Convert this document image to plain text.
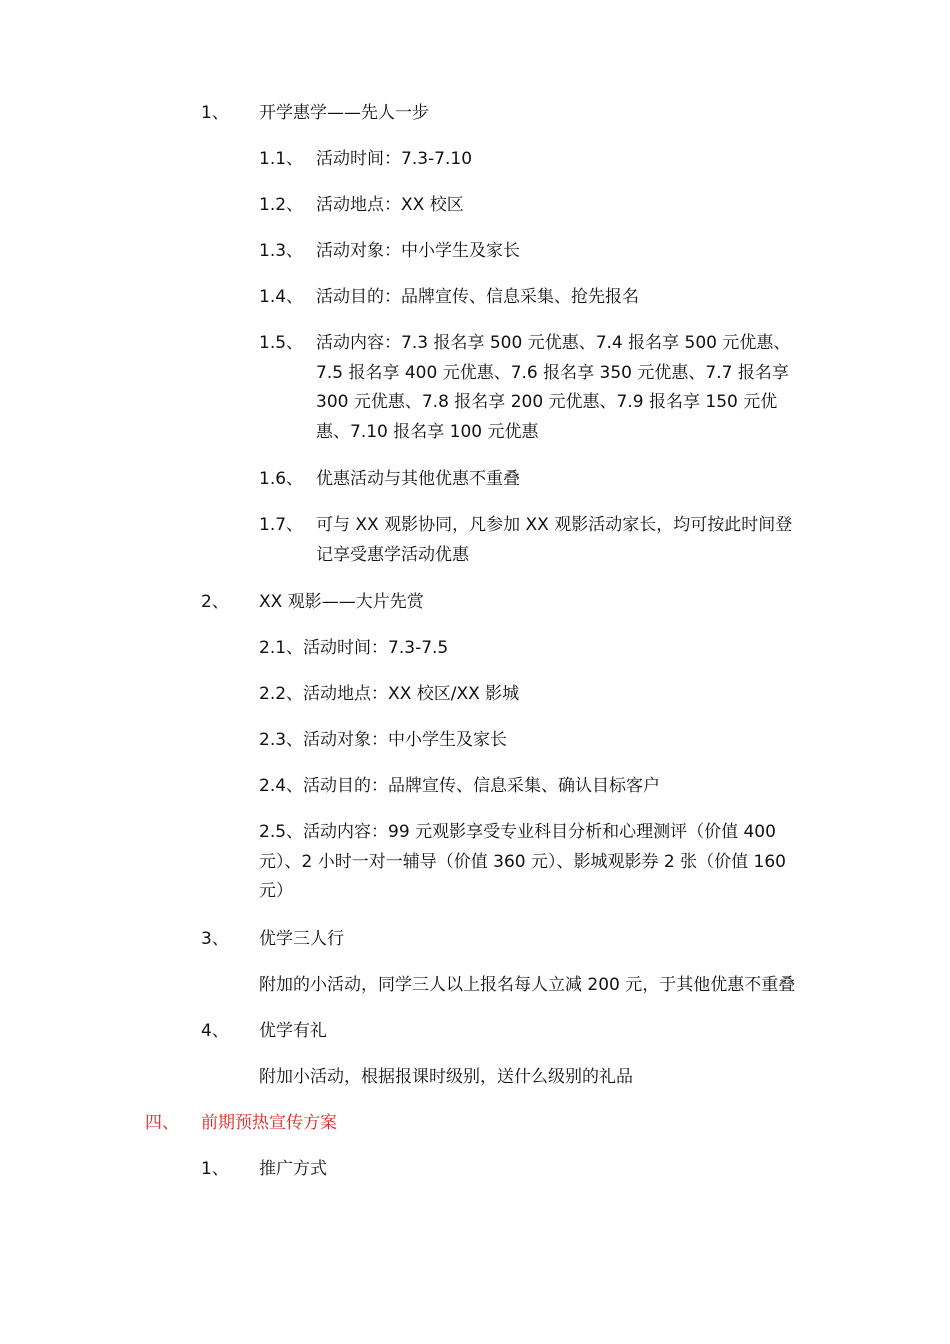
1、	开学惠学——先人一步
1.1、 活动时间：7.3-7.10
1.2、 活动地点：XX 校区
1.3、 活动对象：中小学生及家长
1.4、 活动目的：品牌宣传、信息采集、抢先报名
1.5、 活动内容：7.3 报名享 500 元优惠、7.4 报名享 500 元优惠、7.5 报名享 400 元优惠、7.6 报名享 350 元优惠、7.7 报名享 300 元优惠、7.8 报名享 200 元优惠、7.9 报名享 150 元优惠、7.10 报名享 100 元优惠
1.6、 优惠活动与其他优惠不重叠
1.7、 可与 XX 观影协同，凡参加 XX 观影活动家长，均可按此时间登记享受惠学活动优惠
2、	XX 观影——大片先赏
2.1、活动时间：7.3-7.5
2.2、活动地点：XX 校区/XX 影城
2.3、活动对象：中小学生及家长
2.4、活动目的：品牌宣传、信息采集、确认目标客户
2.5、活动内容：99 元观影享受专业科目分析和心理测评（价值 400 元）、2 小时一对一辅导（价值 360 元）、影城观影券 2 张（价值 160 元）
3、	优学三人行
附加的小活动，同学三人以上报名每人立减 200 元，于其他优惠不重叠
4、	优学有礼
附加小活动，根据报课时级别，送什么级别的礼品
四、	前期预热宣传方案
1、	推广方式
